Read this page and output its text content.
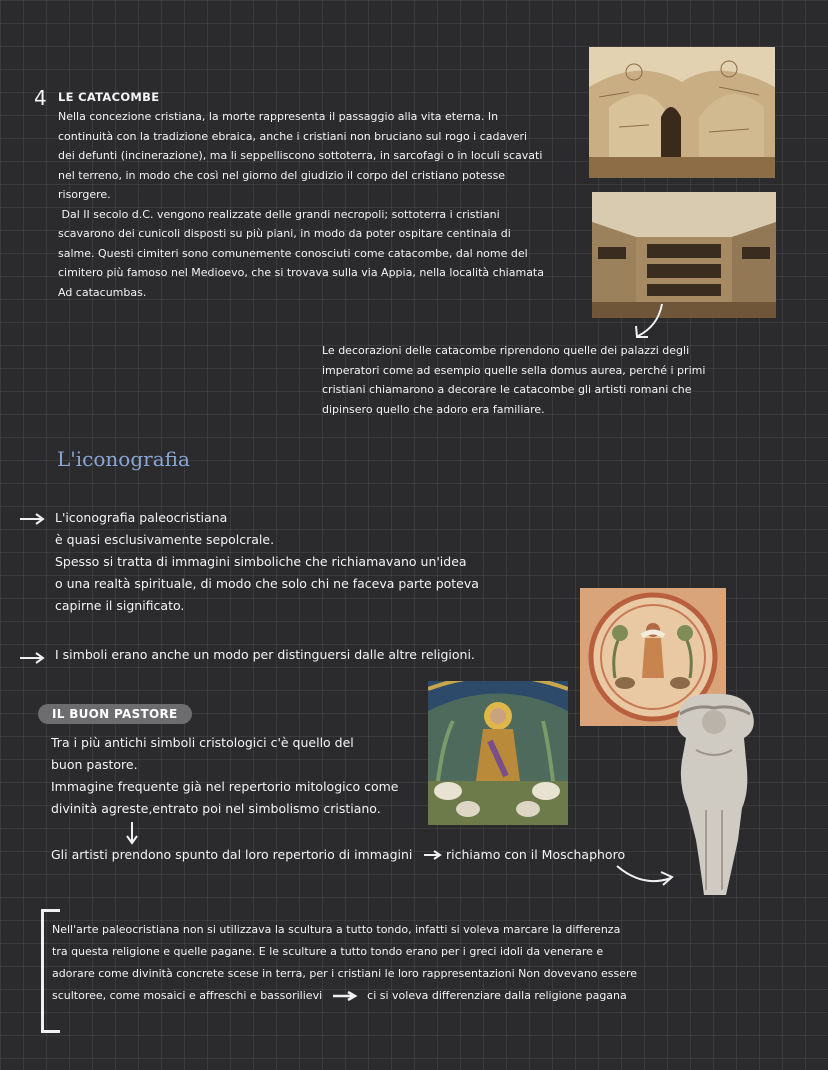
4 LE CATACOMBE
Nella concezione cristiana, la morte rappresenta il passaggio alla vita eterna. In
continuità con la tradizione ebraica, anche i cristiani non bruciano sul rogo i cadaveri
dei defunti (incinerazione), ma li seppelliscono sottoterra, in sarcofagi o in loculi scavati
nel terreno, in modo che così nel giorno del giudizio il corpo del cristiano potesse
risorgere.
Dal II secolo d.C. vengono realizzate delle grandi necropoli; sottoterra i cristiani
scavarono dei cunicoli disposti su più piani, in modo da poter ospitare centinaia di
salme. Questi cimiteri sono comunemente conosciuti come catacombe, dal nome del
cimitero più famoso nel Medioevo, che si trovava sulla via Appia, nella località chiamata
Ad catacumbas.
Le decorazioni delle catacombe riprendono quelle dei palazzi degli
imperatori come ad esempio quelle sella domus aurea, perché i primi
cristiani chiamarono a decorare le catacombe gli artisti romani che
dipinsero quello che adoro era familiare.
L'iconografia
L'iconografia paleocristiana
è quasi esclusivamente sepolcrale.
Spesso si tratta di immagini simboliche che richiamavano un'idea
o una realtà spirituale, di modo che solo chi ne faceva parte poteva
capirne il significato.
I simboli erano anche un modo per distinguersi dalle altre religioni.
IL BUON PASTORE
Tra i più antichi simboli cristologici c'è quello del
buon pastore.
Immagine frequente già nel repertorio mitologico come
divinità agreste,entrato poi nel simbolismo cristiano.
Gli artisti prendono spunto dal loro repertorio di immagini	richiamo con il Moschaphoro
Nell'arte paleocristiana non si utilizzava la scultura a tutto tondo, infatti si voleva marcare la differenza
tra questa religione e quelle pagane. E le sculture a tutto tondo erano per i greci idoli da venerare e
adorare come divinità concrete scese in terra, per i cristiani le loro rappresentazioni Non dovevano essere
scultoree, come mosaici e affreschi e bassorilievi	ci si voleva differenziare dalla religione pagana
